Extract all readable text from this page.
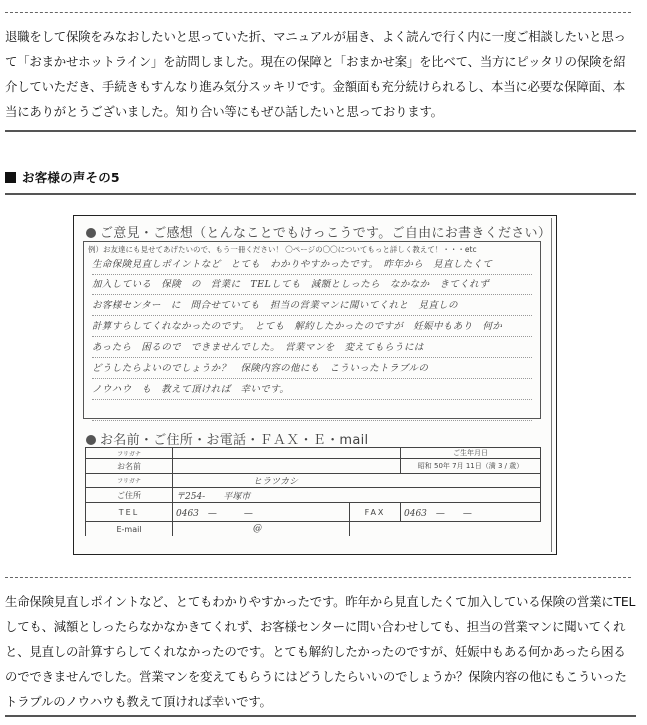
退職をして保険をみなおしたいと思っていた折、マニュアルが届き、よく読んで行く内に一度ご相談したいと思って「おまかせホットライン」を訪問しました。現在の保障と「おまかせ案」を比べて、当方にピッタリの保険を紹介していただき、手続きもすんなり進み気分スッキリです。金額面も充分続けられるし、本当に必要な保障面、本当にありがとうございました。知り合い等にもぜひ話したいと思っております。

お客様の声その5
ご意見・ご感想（とんなことでもけっこうです。ご自由にお書きください）
例）お友達にも見せてあげたいので、もう一冊ください！ 〇ページの〇〇についてもっと詳しく教えて！・・・etc
生命保険見直しポイントなど　とても　わかりやすかったです。　昨年から　見直したくて
加入している　保険　の　営業に　TELしても　減額としったら　なかなか　きてくれず
お客様センター　に　問合せていても　担当の営業マンに聞いてくれと　見直しの
計算すらしてくれなかったのです。　とても　解約したかったのですが　妊娠中もあり　何か
あったら　困るので　できませんでした。　営業マンを　変えてもらうには
どうしたらよいのでしょうか？　保険内容の他にも　こういったトラブルの
ノウハウ　も　教えて頂ければ　幸いです。
お名前・ご住所・お電話・ＦＡＸ・Ｅ・mail
フリガナ			ご生年月日
お名前			昭和 50年 7月 11日（満 3 / 歳）
フリガナ	ヒラツカシ		
ご住所	〒254-　　平塚市		
TEL	0463　—　　　—	FAX	0463　—　　—
E-mail	@		

生命保険見直しポイントなど、とてもわかりやすかったです。昨年から見直したくて加入している保険の営業にTELしても、減額としったらなかなかきてくれず、お客様センターに問い合わせしても、担当の営業マンに聞いてくれと、見直しの計算すらしてくれなかったのです。とても解約したかったのですが、妊娠中もある何かあったら困るのでできませんでした。営業マンを変えてもらうにはどうしたらいいのでしょうか？保険内容の他にもこういったトラブルのノウハウも教えて頂ければ幸いです。
